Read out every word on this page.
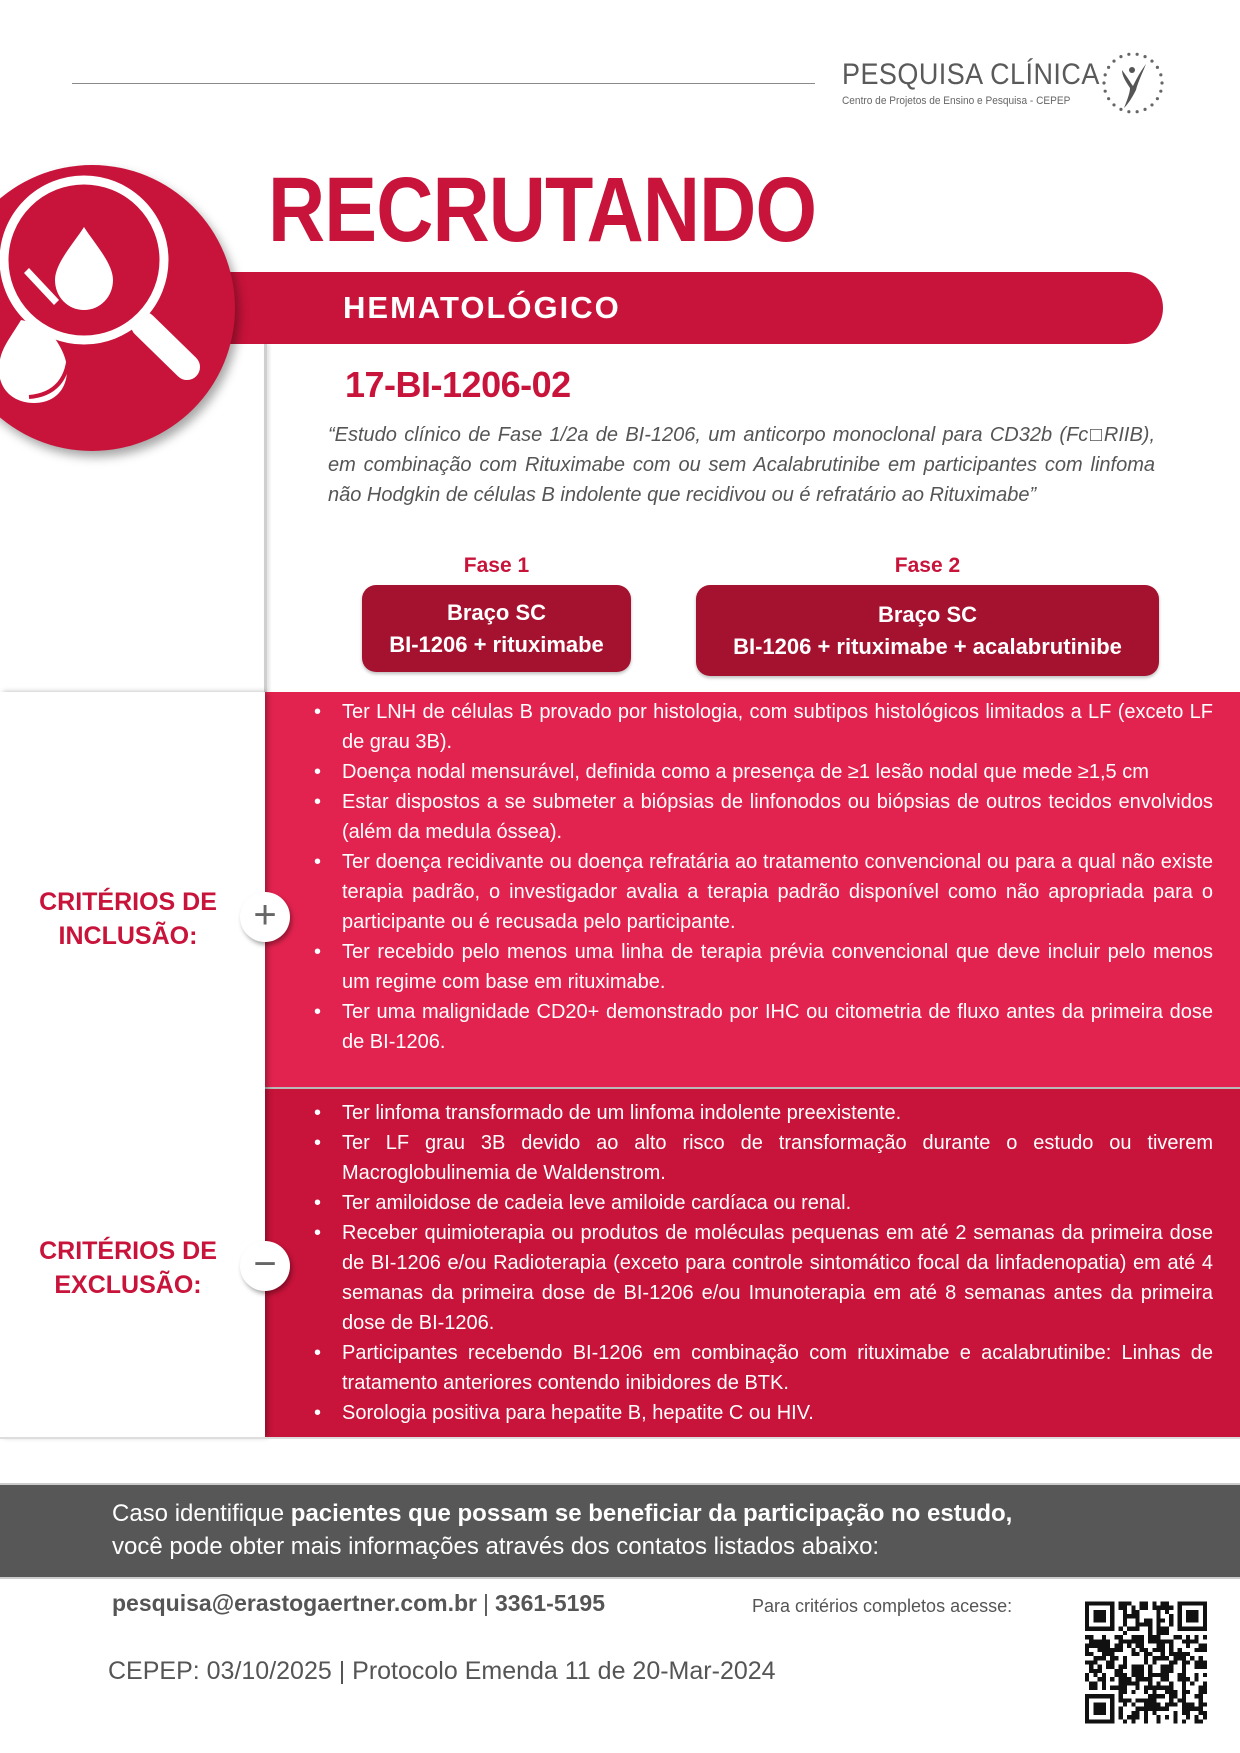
PESQUISA CLÍNICA
Centro de Projetos de Ensino e Pesquisa - CEPEP
RECRUTANDO
HEMATOLÓGICO
17-BI-1206-02
“Estudo clínico de Fase 1/2a de BI-1206, um anticorpo monoclonal para CD32b (Fc□RIIB), em combinação com Rituximabe com ou sem Acalabrutinibe em participantes com linfoma não Hodgkin de células B indolente que recidivou ou é refratário ao Rituximabe”
Fase 1
Braço SC
BI-1206 + rituximabe
Fase 2
Braço SC
BI-1206 + rituximabe + acalabrutinibe
• Ter LNH de células B provado por histologia, com subtipos histológicos limitados a LF (exceto LF de grau 3B).
• Doença nodal mensurável, definida como a presença de ≥1 lesão nodal que mede ≥1,5 cm
• Estar dispostos a se submeter a biópsias de linfonodos ou biópsias de outros tecidos envolvidos (além da medula óssea).
• Ter doença recidivante ou doença refratária ao tratamento convencional ou para a qual não existe terapia padrão, o investigador avalia a terapia padrão disponível como não apropriada para o participante ou é recusada pelo participante.
• Ter recebido pelo menos uma linha de terapia prévia convencional que deve incluir pelo menos um regime com base em rituximabe.
• Ter uma malignidade CD20+ demonstrado por IHC ou citometria de fluxo antes da primeira dose de BI-1206.
• Ter linfoma transformado de um linfoma indolente preexistente.
• Ter LF grau 3B devido ao alto risco de transformação durante o estudo ou tiverem Macroglobulinemia de Waldenstrom.
• Ter amiloidose de cadeia leve amiloide cardíaca ou renal.
• Receber quimioterapia ou produtos de moléculas pequenas em até 2 semanas da primeira dose de BI-1206 e/ou Radioterapia (exceto para controle sintomático focal da linfadenopatia) em até 4 semanas da primeira dose de BI-1206 e/ou Imunoterapia em até 8 semanas antes da primeira dose de BI-1206.
• Participantes recebendo BI-1206 em combinação com rituximabe e acalabrutinibe: Linhas de tratamento anteriores contendo inibidores de BTK.
• Sorologia positiva para hepatite B, hepatite C ou HIV.
CRITÉRIOS DE
INCLUSÃO:	+
CRITÉRIOS DE
EXCLUSÃO:	−
Caso identifique pacientes que possam se beneficiar da participação no estudo,
você pode obter mais informações através dos contatos listados abaixo:
pesquisa@erastogaertner.com.br | 3361-5195	Para critérios completos acesse:
CEPEP: 03/10/2025 | Protocolo Emenda 11 de 20-Mar-2024
